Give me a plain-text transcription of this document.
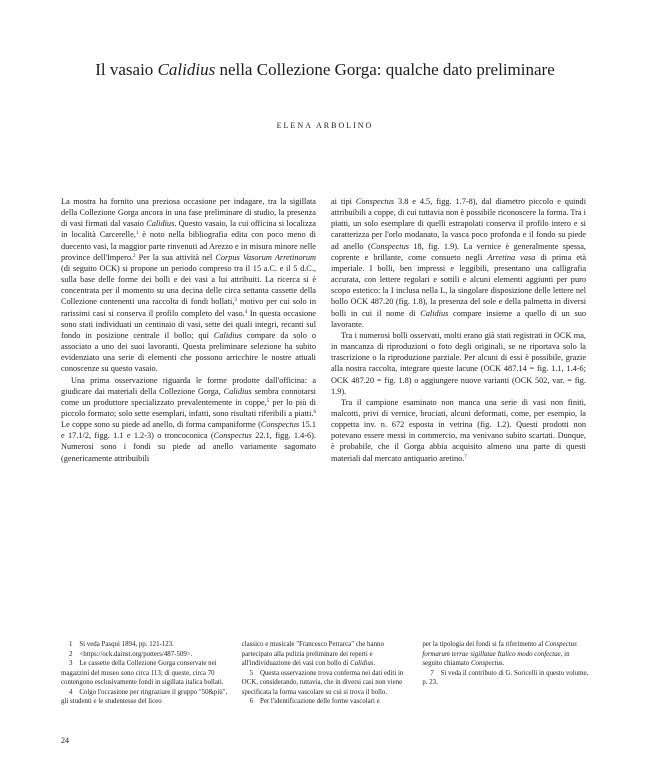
Il vasaio Calidius nella Collezione Gorga: qualche dato preliminare
ELENA ARBOLINO

La mostra ha fornito una preziosa occasione per indagare, tra la sigillata della Collezione Gorga ancora in una fase preliminare di studio, la presenza di vasi firmati dal vasaio Calidius. Questo vasaio, la cui officina si localizza in località Carcerelle,$^1$ è noto nella bibliografia edita con poco meno di duecento vasi, la maggior parte rinvenuti ad Arezzo e in misura minore nelle province dell'Impero.$^2$ Per la sua attività nel Corpus Vasorum Arretinorum (di seguito OCK) si propone un periodo compreso tra il 15 a.C. e il 5 d.C., sulla base delle forme dei bolli e dei vasi a lui attribuiti. La ricerca si è concentrata per il momento su una decina delle circa settanta cassette della Collezione contenenti una raccolta di fondi bollati,$^3$ motivo per cui solo in rarissimi casi si conserva il profilo completo del vaso.$^4$ In questa occasione sono stati individuati un centinaio di vasi, sette dei quali integri, recanti sul fondo in posizione centrale il bollo; qui Calidius compare da solo o associato a uno dei suoi lavoranti. Questa preliminare selezione ha subito evidenziato una serie di elementi che possono arricchire le nostre attuali conoscenze su questo vasaio.

Una prima osservazione riguarda le forme prodotte dall'officina: a giudicare dai materiali della Collezione Gorga, Calidius sembra connotarsi come un produttore specializzato prevalentemente in coppe,$^5$ per lo più di piccolo formato; solo sette esemplari, infatti, sono risultati riferibili a piatti.$^6$ Le coppe sono su piede ad anello, di forma campaniforme (Conspectus 15.1 e 17.1/2, figg. 1.1 e 1.2-3) o troncoconica (Conspectus 22.1, figg. 1.4-6). Numerosi sono i fondi su piede ad anello variamente sagomato (genericamente attribuibili

ai tipi Conspectus 3.8 e 4.5, figg. 1.7-8), dal diametro piccolo e quindi attribuibili a coppe, di cui tuttavia non è possibile riconoscere la forma. Tra i piatti, un solo esemplare di quelli estrapolati conserva il profilo intero e si caratterizza per l'orlo modanato, la vasca poco profonda e il fondo su piede ad anello (Conspectus 18, fig. 1.9). La vernice è generalmente spessa, coprente e brillante, come consueto negli Arretina vasa di prima età imperiale. I bolli, ben impressi e leggibili, presentano una calligrafia accurata, con lettere regolari e sottili e alcuni elementi aggiunti per puro scopo estetico: la I inclusa nella L, la singolare disposizione delle lettere nel bollo OCK 487.20 (fig. 1.8), la presenza del sole e della palmetta in diversi bolli in cui il nome di Calidius compare insieme a quello di un suo lavorante.

Tra i numerosi bolli osservati, molti erano già stati registrati in OCK ma, in mancanza di riproduzioni o foto degli originali, se ne riportava solo la trascrizione o la riproduzione parziale. Per alcuni di essi è possibile, grazie alla nostra raccolta, integrare queste lacune (OCK 487.14 = fig. 1.1, 1.4-6; OCK 487.20 = fig. 1.8) o aggiungere nuove varianti (OCK 502, var. = fig. 1.9).

Tra il campione esaminato non manca una serie di vasi non finiti, malcotti, privi di vernice, bruciati, alcuni deformati, come, per esempio, la coppetta inv. n. 672 esposta in vetrina (fig. 1.2). Questi prodotti non potevano essere messi in commercio, ma venivano subito scartati. Dunque, è probabile, che il Gorga abbia acquisito almeno una parte di questi materiali dal mercato antiquario aretino.$^7$

1 Si veda Pasqui 1894, pp. 121-123.

2 <https://ock.dainst.org/potters/487-509>.

3 Le cassette della Collezione Gorga conservate nei magazzini del museo sono circa 113; di queste, circa 70 contengono esclusivamente fondi in sigillata italica bollati.

4 Colgo l'occasione per ringraziare il gruppo "50&più", gli studenti e le studentesse del liceo

classico e musicale "Francesco Petrarca" che hanno partecipato alla pulizia preliminare dei reperti e all'individuazione dei vasi con bollo di Calidius.

5 Questa osservazione trova conferma nei dati editi in OCK, considerando, tuttavia, che in diversi casi non viene specificata la forma vascolare su cui si trova il bollo.

6 Per l'identificazione delle forme vascolari e

per la tipologia dei fondi si fa riferimento al Conspectus formarum terrae sigillatae Italico modo confectae, in seguito chiamato Conspectus.

7 Si veda il contributo di G. Soricelli in questo volume, p. 23.

24
